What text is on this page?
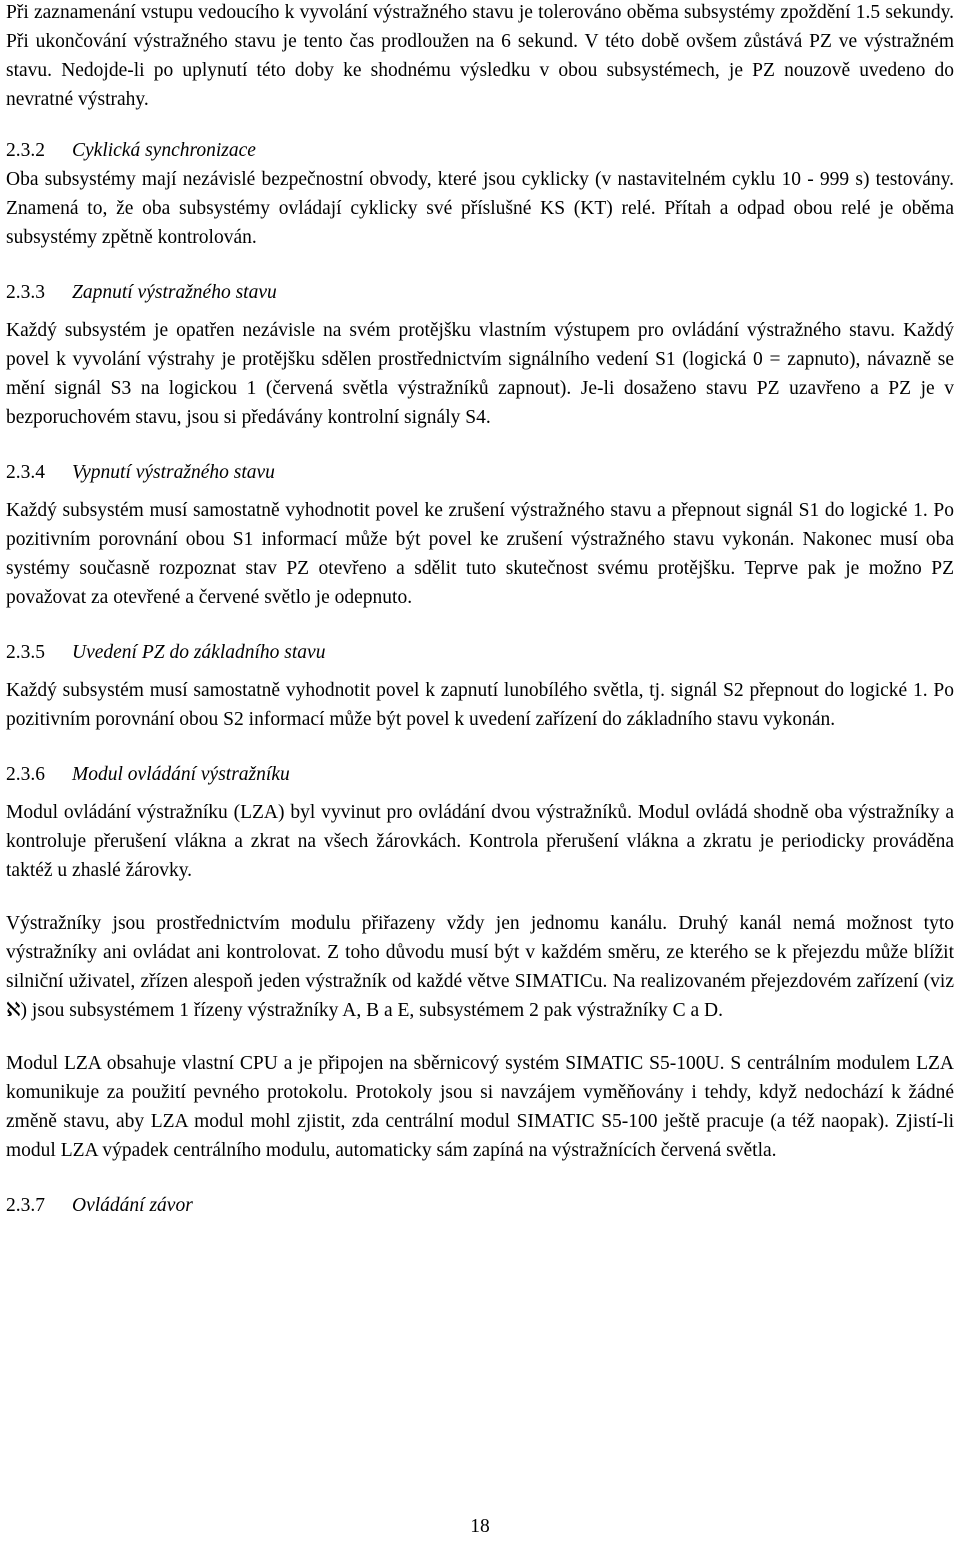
Při zaznamenání vstupu vedoucího k vyvolání výstražného stavu je tolerováno oběma subsystémy zpoždění 1.5 sekundy. Při ukončování výstražného stavu je tento čas prodloužen na 6 sekund. V této době ovšem zůstává PZ ve výstražném stavu. Nedojde-li po uplynutí této doby ke shodnému výsledku v obou subsystémech, je PZ nouzově uvedeno do nevratné výstrahy.

2.3.2 Cyklická synchronizace

Oba subsystémy mají nezávislé bezpečnostní obvody, které jsou cyklicky (v nastavitelném cyklu 10 - 999 s) testovány. Znamená to, že oba subsystémy ovládají cyklicky své příslušné KS (KT) relé. Přítah a odpad obou relé je oběma subsystémy zpětně kontrolován.

2.3.3 Zapnutí výstražného stavu

Každý subsystém je opatřen nezávisle na svém protějšku vlastním výstupem pro ovládání výstražného stavu. Každý povel k vyvolání výstrahy je protějšku sdělen prostřednictvím signálního vedení S1 (logická 0 = zapnuto), návazně se mění signál S3 na logickou 1 (červená světla výstražníků zapnout). Je-li dosaženo stavu PZ uzavřeno a PZ je v bezporuchovém stavu, jsou si předávány kontrolní signály S4.

2.3.4 Vypnutí výstražného stavu

Každý subsystém musí samostatně vyhodnotit povel ke zrušení výstražného stavu a přepnout signál S1 do logické 1. Po pozitivním porovnání obou S1 informací může být povel ke zrušení výstražného stavu vykonán. Nakonec musí oba systémy současně rozpoznat stav PZ otevřeno a sdělit tuto skutečnost svému protějšku. Teprve pak je možno PZ považovat za otevřené a červené světlo je odepnuto.

2.3.5 Uvedení PZ do základního stavu

Každý subsystém musí samostatně vyhodnotit povel k zapnutí lunobílého světla, tj. signál S2 přepnout do logické 1. Po pozitivním porovnání obou S2 informací může být povel k uvedení zařízení do základního stavu vykonán.

2.3.6 Modul ovládání výstražníku

Modul ovládání výstražníku (LZA) byl vyvinut pro ovládání dvou výstražníků. Modul ovládá shodně oba výstražníky a kontroluje přerušení vlákna a zkrat na všech žárovkách. Kontrola přerušení vlákna a zkratu je periodicky prováděna taktéž u zhaslé žárovky.

Výstražníky jsou prostřednictvím modulu přiřazeny vždy jen jednomu kanálu. Druhý kanál nemá možnost tyto výstražníky ani ovládat ani kontrolovat. Z toho důvodu musí být v každém směru, ze kterého se k přejezdu může blížit silniční uživatel, zřízen alespoň jeden výstražník od každé větve SIMATICu. Na realizovaném přejezdovém zařízení (viz ℵ) jsou subsystémem 1 řízeny výstražníky A, B a E, subsystémem 2 pak výstražníky C a D.

Modul LZA obsahuje vlastní CPU a je připojen na sběrnicový systém SIMATIC S5-100U. S centrálním modulem LZA komunikuje za použití pevného protokolu. Protokoly jsou si navzájem vyměňovány i tehdy, když nedochází k žádné změně stavu, aby LZA modul mohl zjistit, zda centrální modul SIMATIC S5-100 ještě pracuje (a též naopak). Zjistí-li modul LZA výpadek centrálního modulu, automaticky sám zapíná na výstražnících červená světla.

2.3.7 Ovládání závor
18
